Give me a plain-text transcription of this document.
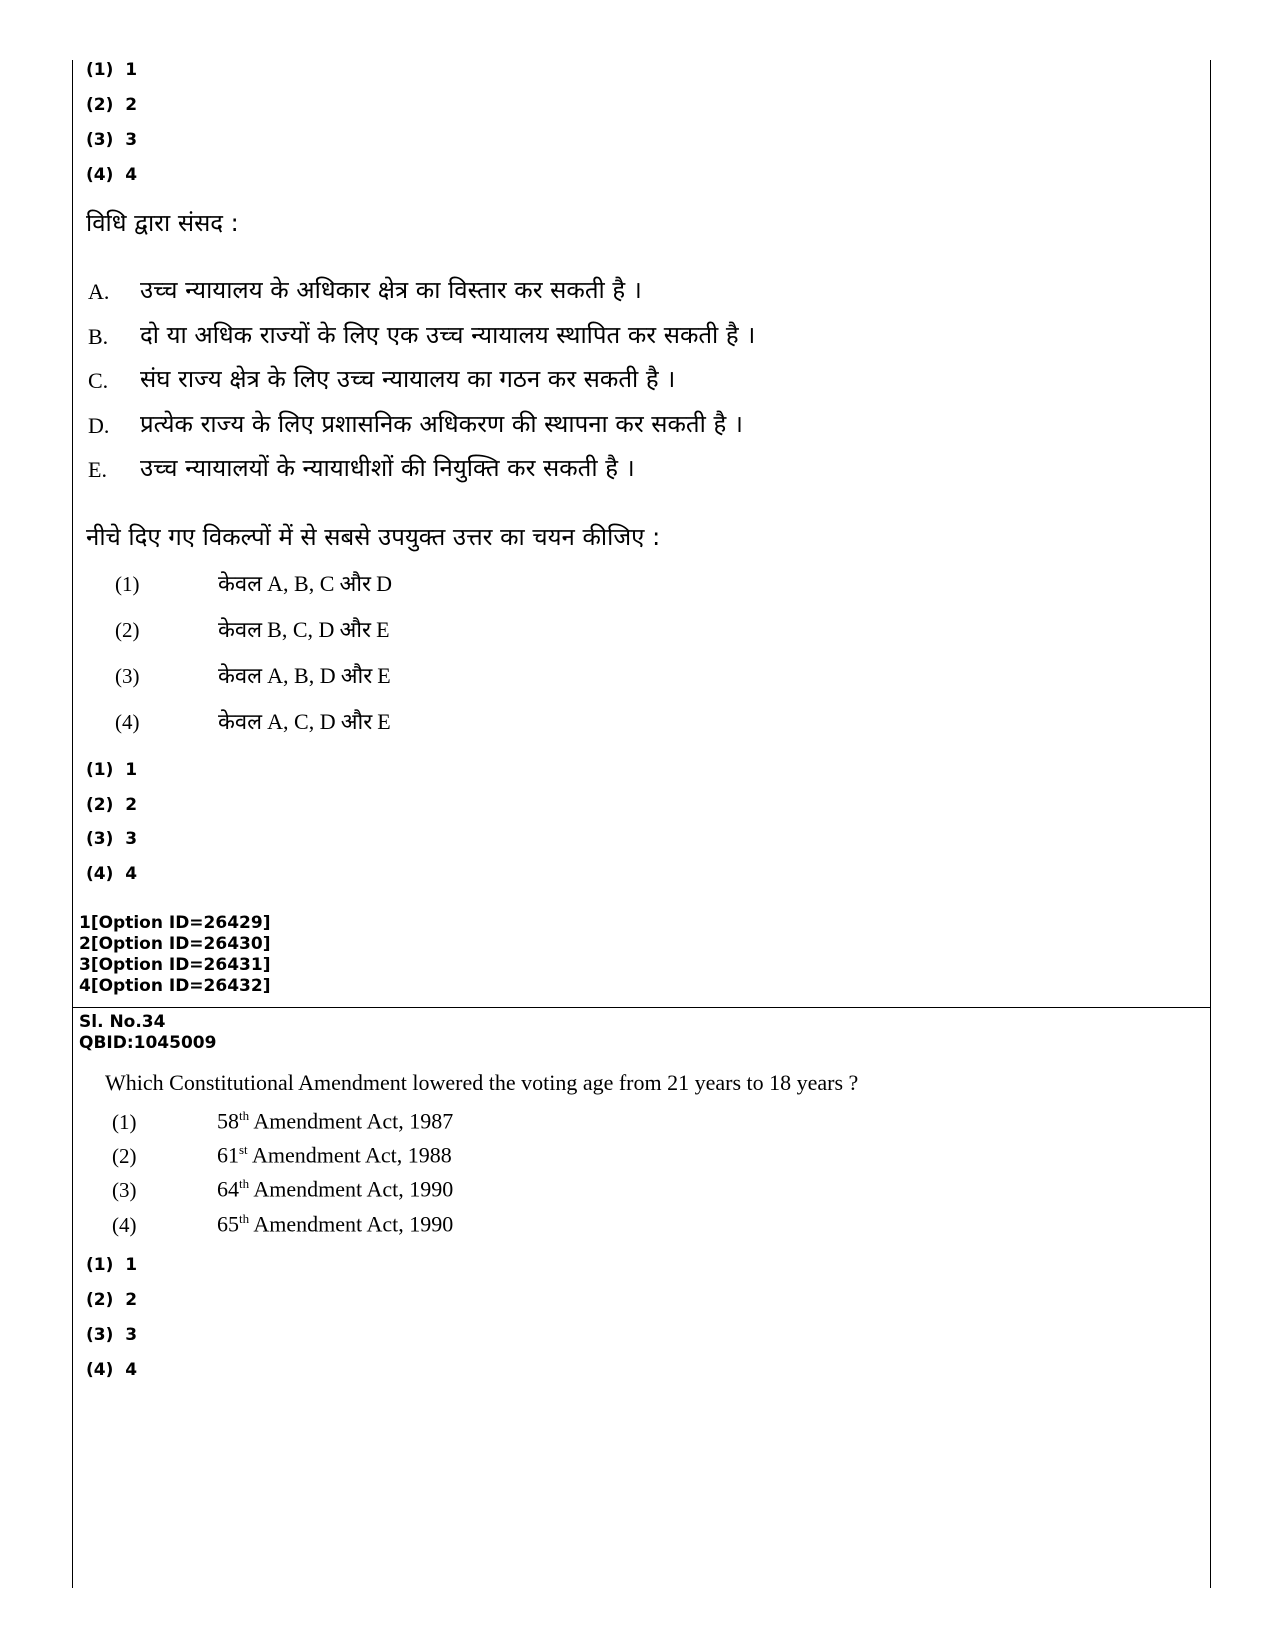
(1)  1
(2)  2
(3)  3
(4)  4
विधि द्वारा संसद :
A. उच्च न्यायालय के अधिकार क्षेत्र का विस्तार कर सकती है ।
B. दो या अधिक राज्यों के लिए एक उच्च न्यायालय स्थापित कर सकती है ।
C. संघ राज्य क्षेत्र के लिए उच्च न्यायालय का गठन कर सकती है ।
D. प्रत्येक राज्य के लिए प्रशासनिक अधिकरण की स्थापना कर सकती है ।
E. उच्च न्यायालयों के न्यायाधीशों की नियुक्ति कर सकती है ।
नीचे दिए गए विकल्पों में से सबसे उपयुक्त उत्तर का चयन कीजिए :
(1)	केवल A, B, C और D
(2)	केवल B, C, D और E
(3)	केवल A, B, D और E
(4)	केवल A, C, D और E
(1)  1
(2)  2
(3)  3
(4)  4
1[Option ID=26429]
2[Option ID=26430]
3[Option ID=26431]
4[Option ID=26432]
Sl. No.34
QBID:1045009
Which Constitutional Amendment lowered the voting age from 21 years to 18 years ?
(1)	58th Amendment Act, 1987
(2)	61st Amendment Act, 1988
(3)	64th Amendment Act, 1990
(4)	65th Amendment Act, 1990
(1)  1
(2)  2
(3)  3
(4)  4
